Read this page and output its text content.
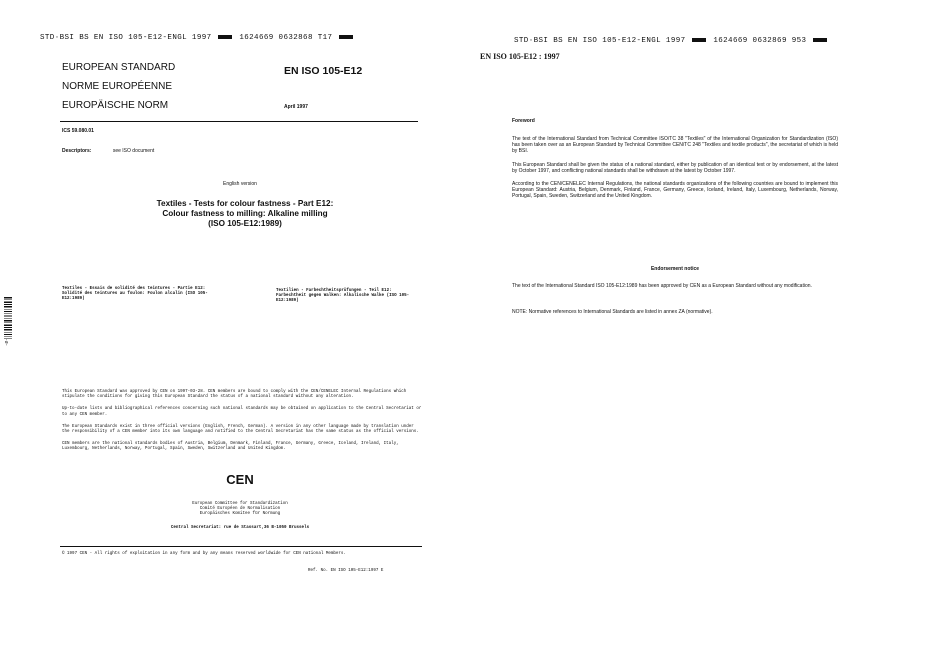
STD·BSI BS EN ISO 105-E12-ENGL 1997	1624669 0632868 T17
EUROPEAN STANDARD
NORME EUROPÉENNE
EUROPÄISCHE NORM
EN ISO 105-E12
April 1997
ICS 59.080.01
Descriptors:	see ISO document
English version
Textiles - Tests for colour fastness - Part E12:
Colour fastness to milling: Alkaline milling
(ISO 105-E12:1989)
Textiles - Essais de solidité des teintures - Partie E12: Solidité des teintures au foulon: Foulon alcalin (ISO 105-E12:1989)
Textilien - Farbechtheitsprüfungen - Teil E12: Farbechtheit gegen Walken: Alkalische Walke (ISO 105-E12:1989)

This European Standard was approved by CEN on 1997-03-28. CEN members are bound to comply with the CEN/CENELEC Internal Regulations which stipulate the conditions for giving this European Standard the status of a national standard without any alteration.

Up-to-date lists and bibliographical references concerning such national standards may be obtained on application to the Central Secretariat or to any CEN member.

The European Standards exist in three official versions (English, French, German). A version in any other language made by translation under the responsibility of a CEN member into its own language and notified to the Central Secretariat has the same status as the official versions.

CEN members are the national standards bodies of Austria, Belgium, Denmark, Finland, France, Germany, Greece, Iceland, Ireland, Italy, Luxembourg, Netherlands, Norway, Portugal, Spain, Sweden, Switzerland and United Kingdom.

CEN
European Committee for Standardization
Comité Européen de Normalisation
Europäisches Komitee für Normung
Central Secretariat: rue de Stassart,36 B-1050 Brussels
© 1997 CEN - All rights of exploitation in any form and by any means reserved worldwide for CEN national Members.
Ref. No. EN ISO 105-E12:1997 E
-Ø-
STD·BSI BS EN ISO 105-E12-ENGL 1997	1624669 0632869 953
EN ISO 105-E12 : 1997
Foreword

The text of the International Standard from Technical Committee ISO/TC 38 "Textiles" of the International Organization for Standardization (ISO) has been taken over as an European Standard by Technical Committee CEN/TC 248 "Textiles and textile products", the secretariat of which is held by BSI.

This European Standard shall be given the status of a national standard, either by publication of an identical text or by endorsement, at the latest by October 1997, and conflicting national standards shall be withdrawn at the latest by October 1997.

According to the CEN/CENELEC Internal Regulations, the national standards organizations of the following countries are bound to implement this European Standard: Austria, Belgium, Denmark, Finland, France, Germany, Greece, Iceland, Ireland, Italy, Luxembourg, Netherlands, Norway, Portugal, Spain, Sweden, Switzerland and the United Kingdom.

Endorsement notice
The text of the International Standard ISO 105-E12:1989 has been approved by CEN as a European Standard without any modification.
NOTE: Normative references to International Standards are listed in annex ZA (normative).
